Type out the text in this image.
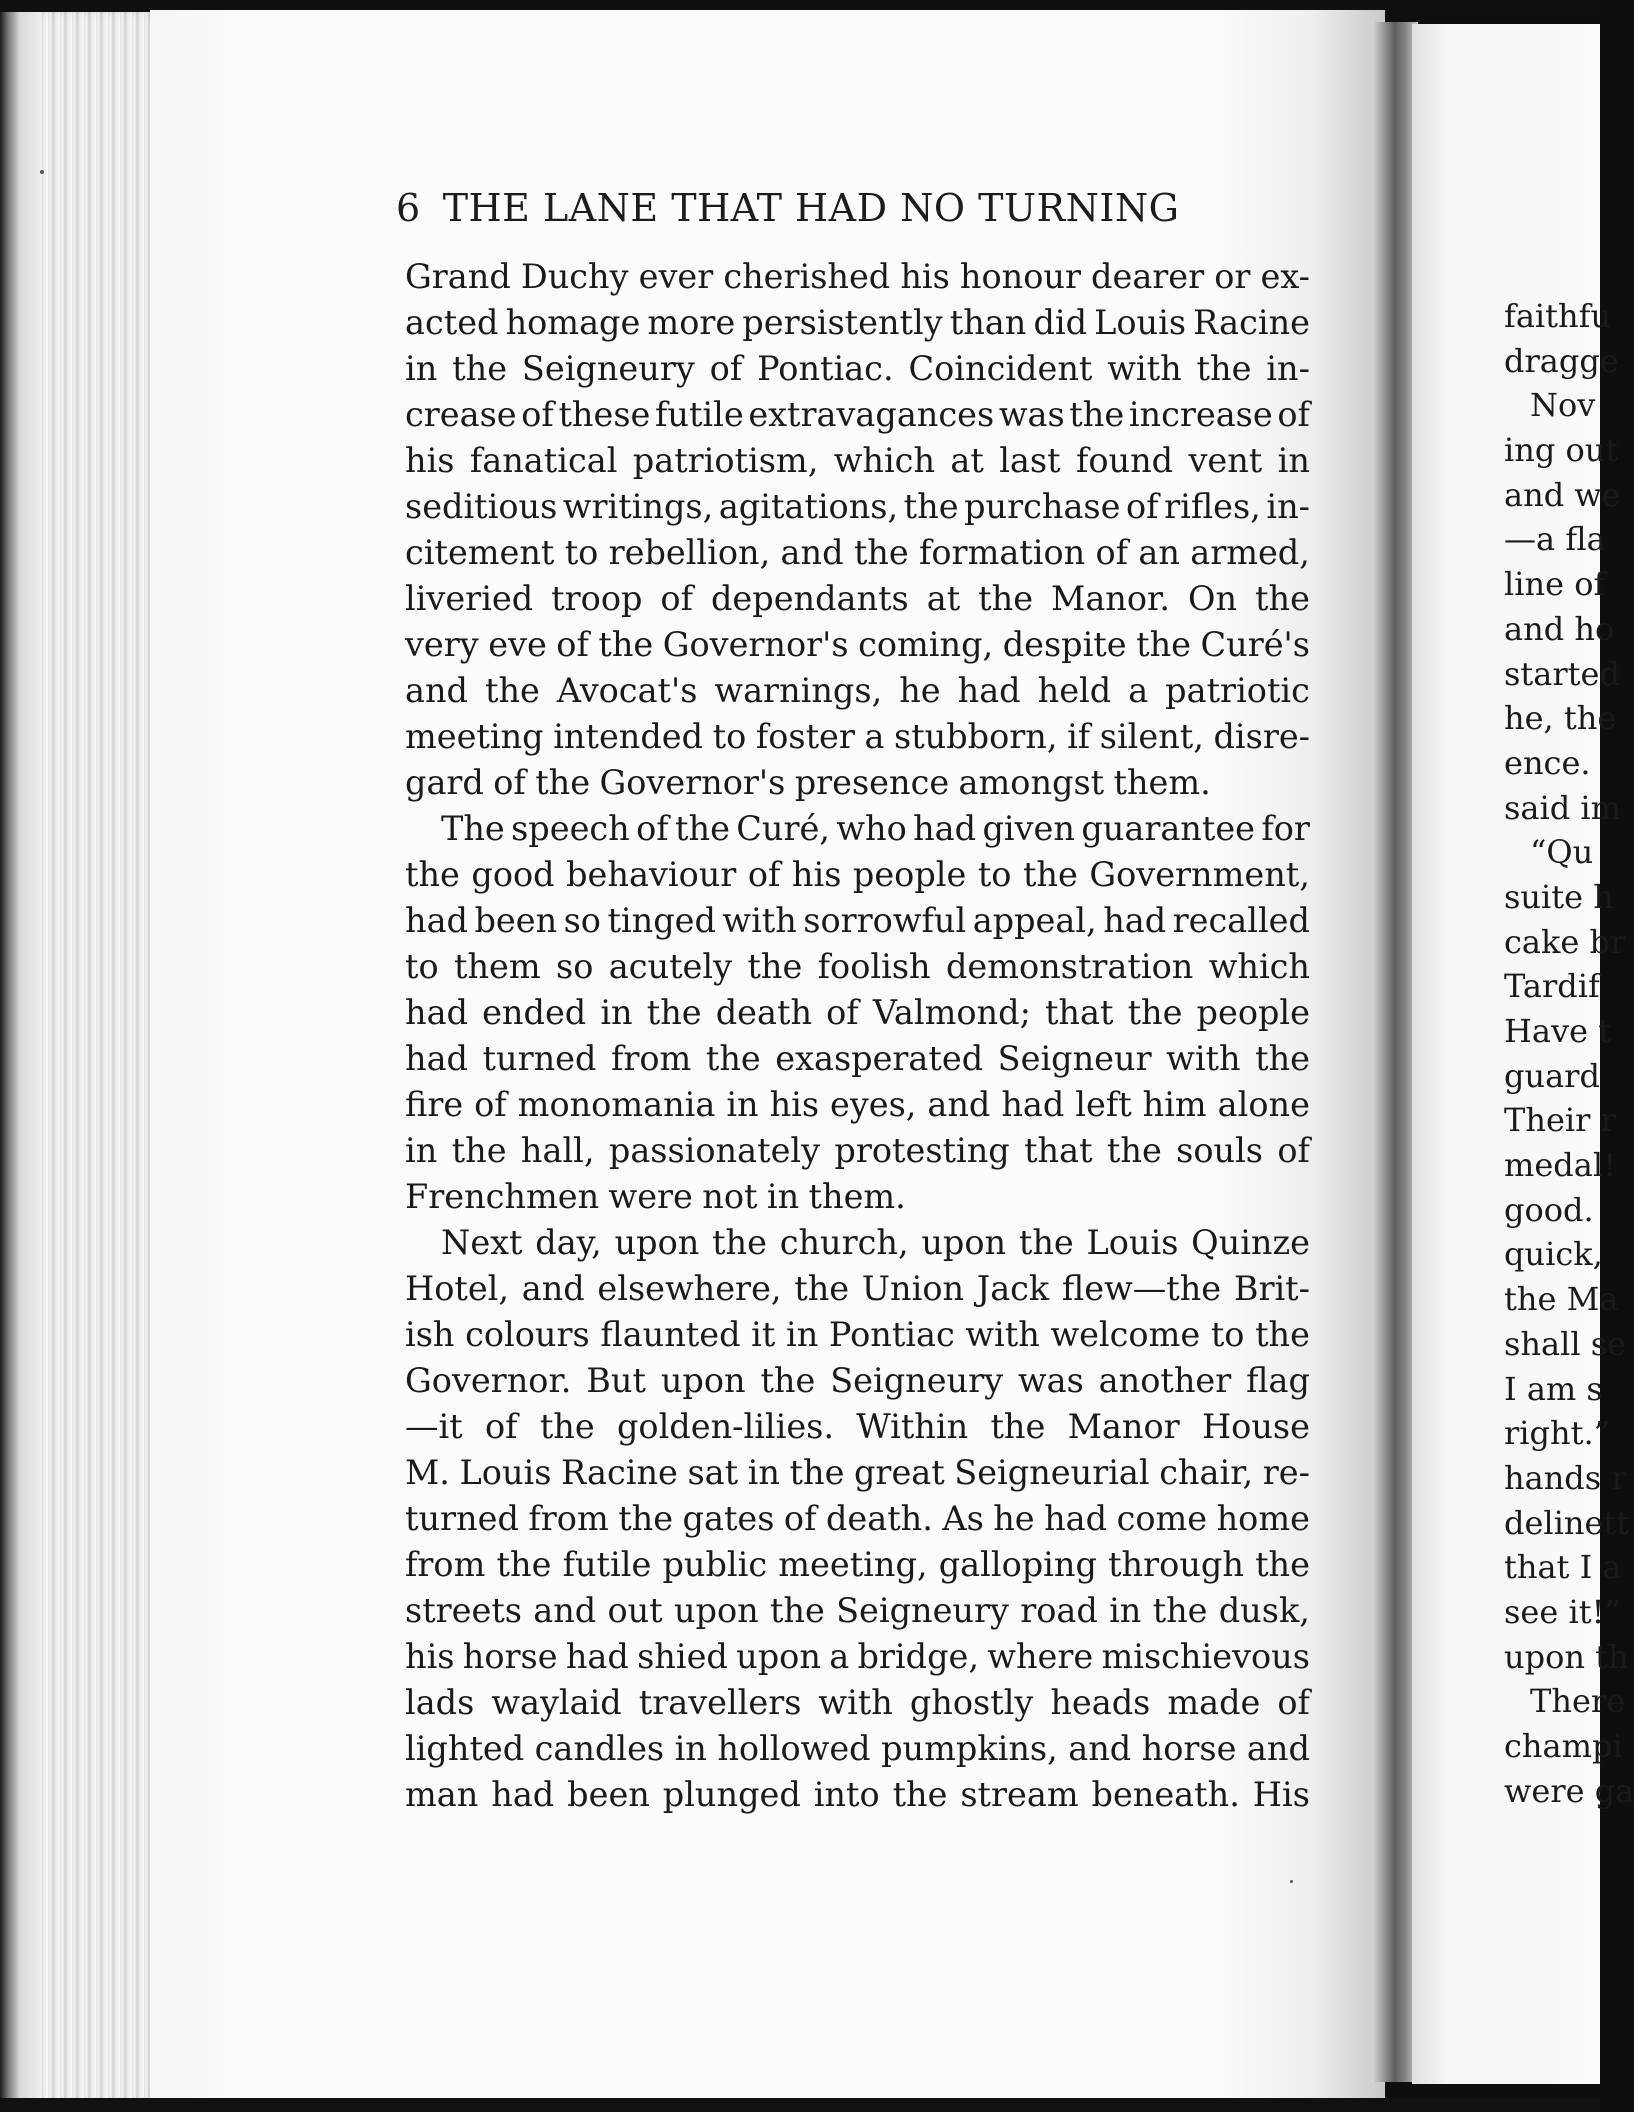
faithfu
dragge
Nov
ing out
and we
—a fla
line of
and ho
started
he, the
ence.
said im
“Qu
suite h
cake br
Tardif
Have t
guard
Their r
medal!
good.
quick,
the Ma
shall se
I am s
right.”
hands r
delinett
that I a
see it!”
upon th
There
champi
were ga
6 THE LANE THAT HAD NO TURNING
Grand Duchy ever cherished his honour dearer or ex-
acted homage more persistently than did Louis Racine
in the Seigneury of Pontiac. Coincident with the in-
crease of these futile extravagances was the increase of
his fanatical patriotism, which at last found vent in
seditious writings, agitations, the purchase of rifles, in-
citement to rebellion, and the formation of an armed,
liveried troop of dependants at the Manor. On the
very eve of the Governor's coming, despite the Curé's
and the Avocat's warnings, he had held a patriotic
meeting intended to foster a stubborn, if silent, disre-
gard of the Governor's presence amongst them.
The speech of the Curé, who had given guarantee for
the good behaviour of his people to the Government,
had been so tinged with sorrowful appeal, had recalled
to them so acutely the foolish demonstration which
had ended in the death of Valmond; that the people
had turned from the exasperated Seigneur with the
fire of monomania in his eyes, and had left him alone
in the hall, passionately protesting that the souls of
Frenchmen were not in them.
Next day, upon the church, upon the Louis Quinze
Hotel, and elsewhere, the Union Jack flew—the Brit-
ish colours flaunted it in Pontiac with welcome to the
Governor. But upon the Seigneury was another flag
—it of the golden-lilies. Within the Manor House
M. Louis Racine sat in the great Seigneurial chair, re-
turned from the gates of death. As he had come home
from the futile public meeting, galloping through the
streets and out upon the Seigneury road in the dusk,
his horse had shied upon a bridge, where mischievous
lads waylaid travellers with ghostly heads made of
lighted candles in hollowed pumpkins, and horse and
man had been plunged into the stream beneath. His
